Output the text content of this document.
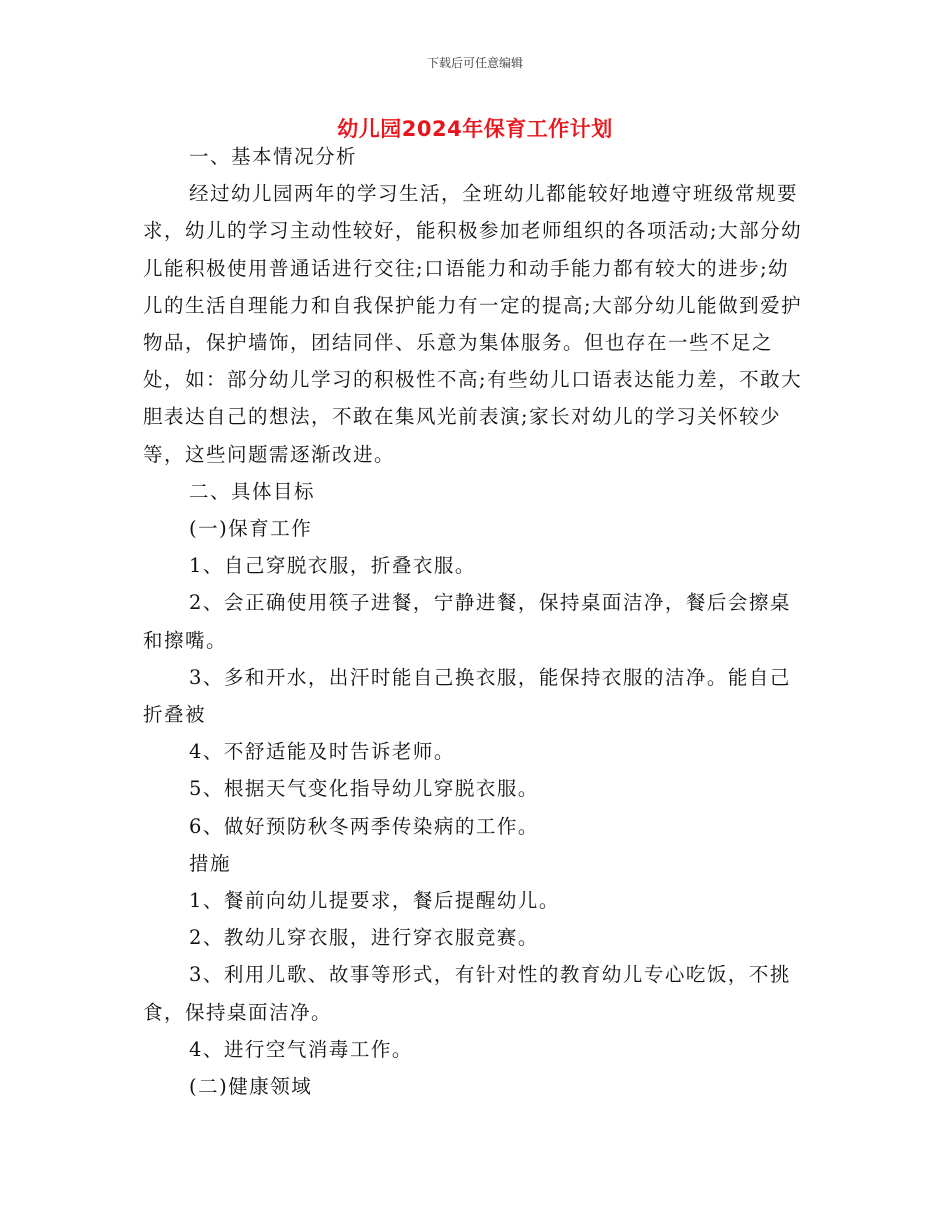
下载后可任意编辑
幼儿园2024年保育工作计划

一、基本情况分析

经过幼儿园两年的学习生活，全班幼儿都能较好地遵守班级常规要求，幼儿的学习主动性较好，能积极参加老师组织的各项活动;大部分幼儿能积极使用普通话进行交往;口语能力和动手能力都有较大的进步;幼儿的生活自理能力和自我保护能力有一定的提高;大部分幼儿能做到爱护物品，保护墙饰，团结同伴、乐意为集体服务。但也存在一些不足之处，如：部分幼儿学习的积极性不高;有些幼儿口语表达能力差，不敢大胆表达自己的想法，不敢在集风光前表演;家长对幼儿的学习关怀较少等，这些问题需逐渐改进。

二、具体目标

(一)保育工作

1、自己穿脱衣服，折叠衣服。

2、会正确使用筷子进餐，宁静进餐，保持桌面洁净，餐后会擦桌和擦嘴。

3、多和开水，出汗时能自己换衣服，能保持衣服的洁净。能自己折叠被

4、不舒适能及时告诉老师。

5、根据天气变化指导幼儿穿脱衣服。

6、做好预防秋冬两季传染病的工作。

措施

1、餐前向幼儿提要求，餐后提醒幼儿。

2、教幼儿穿衣服，进行穿衣服竞赛。

3、利用儿歌、故事等形式，有针对性的教育幼儿专心吃饭，不挑食，保持桌面洁净。

4、进行空气消毒工作。

(二)健康领域
